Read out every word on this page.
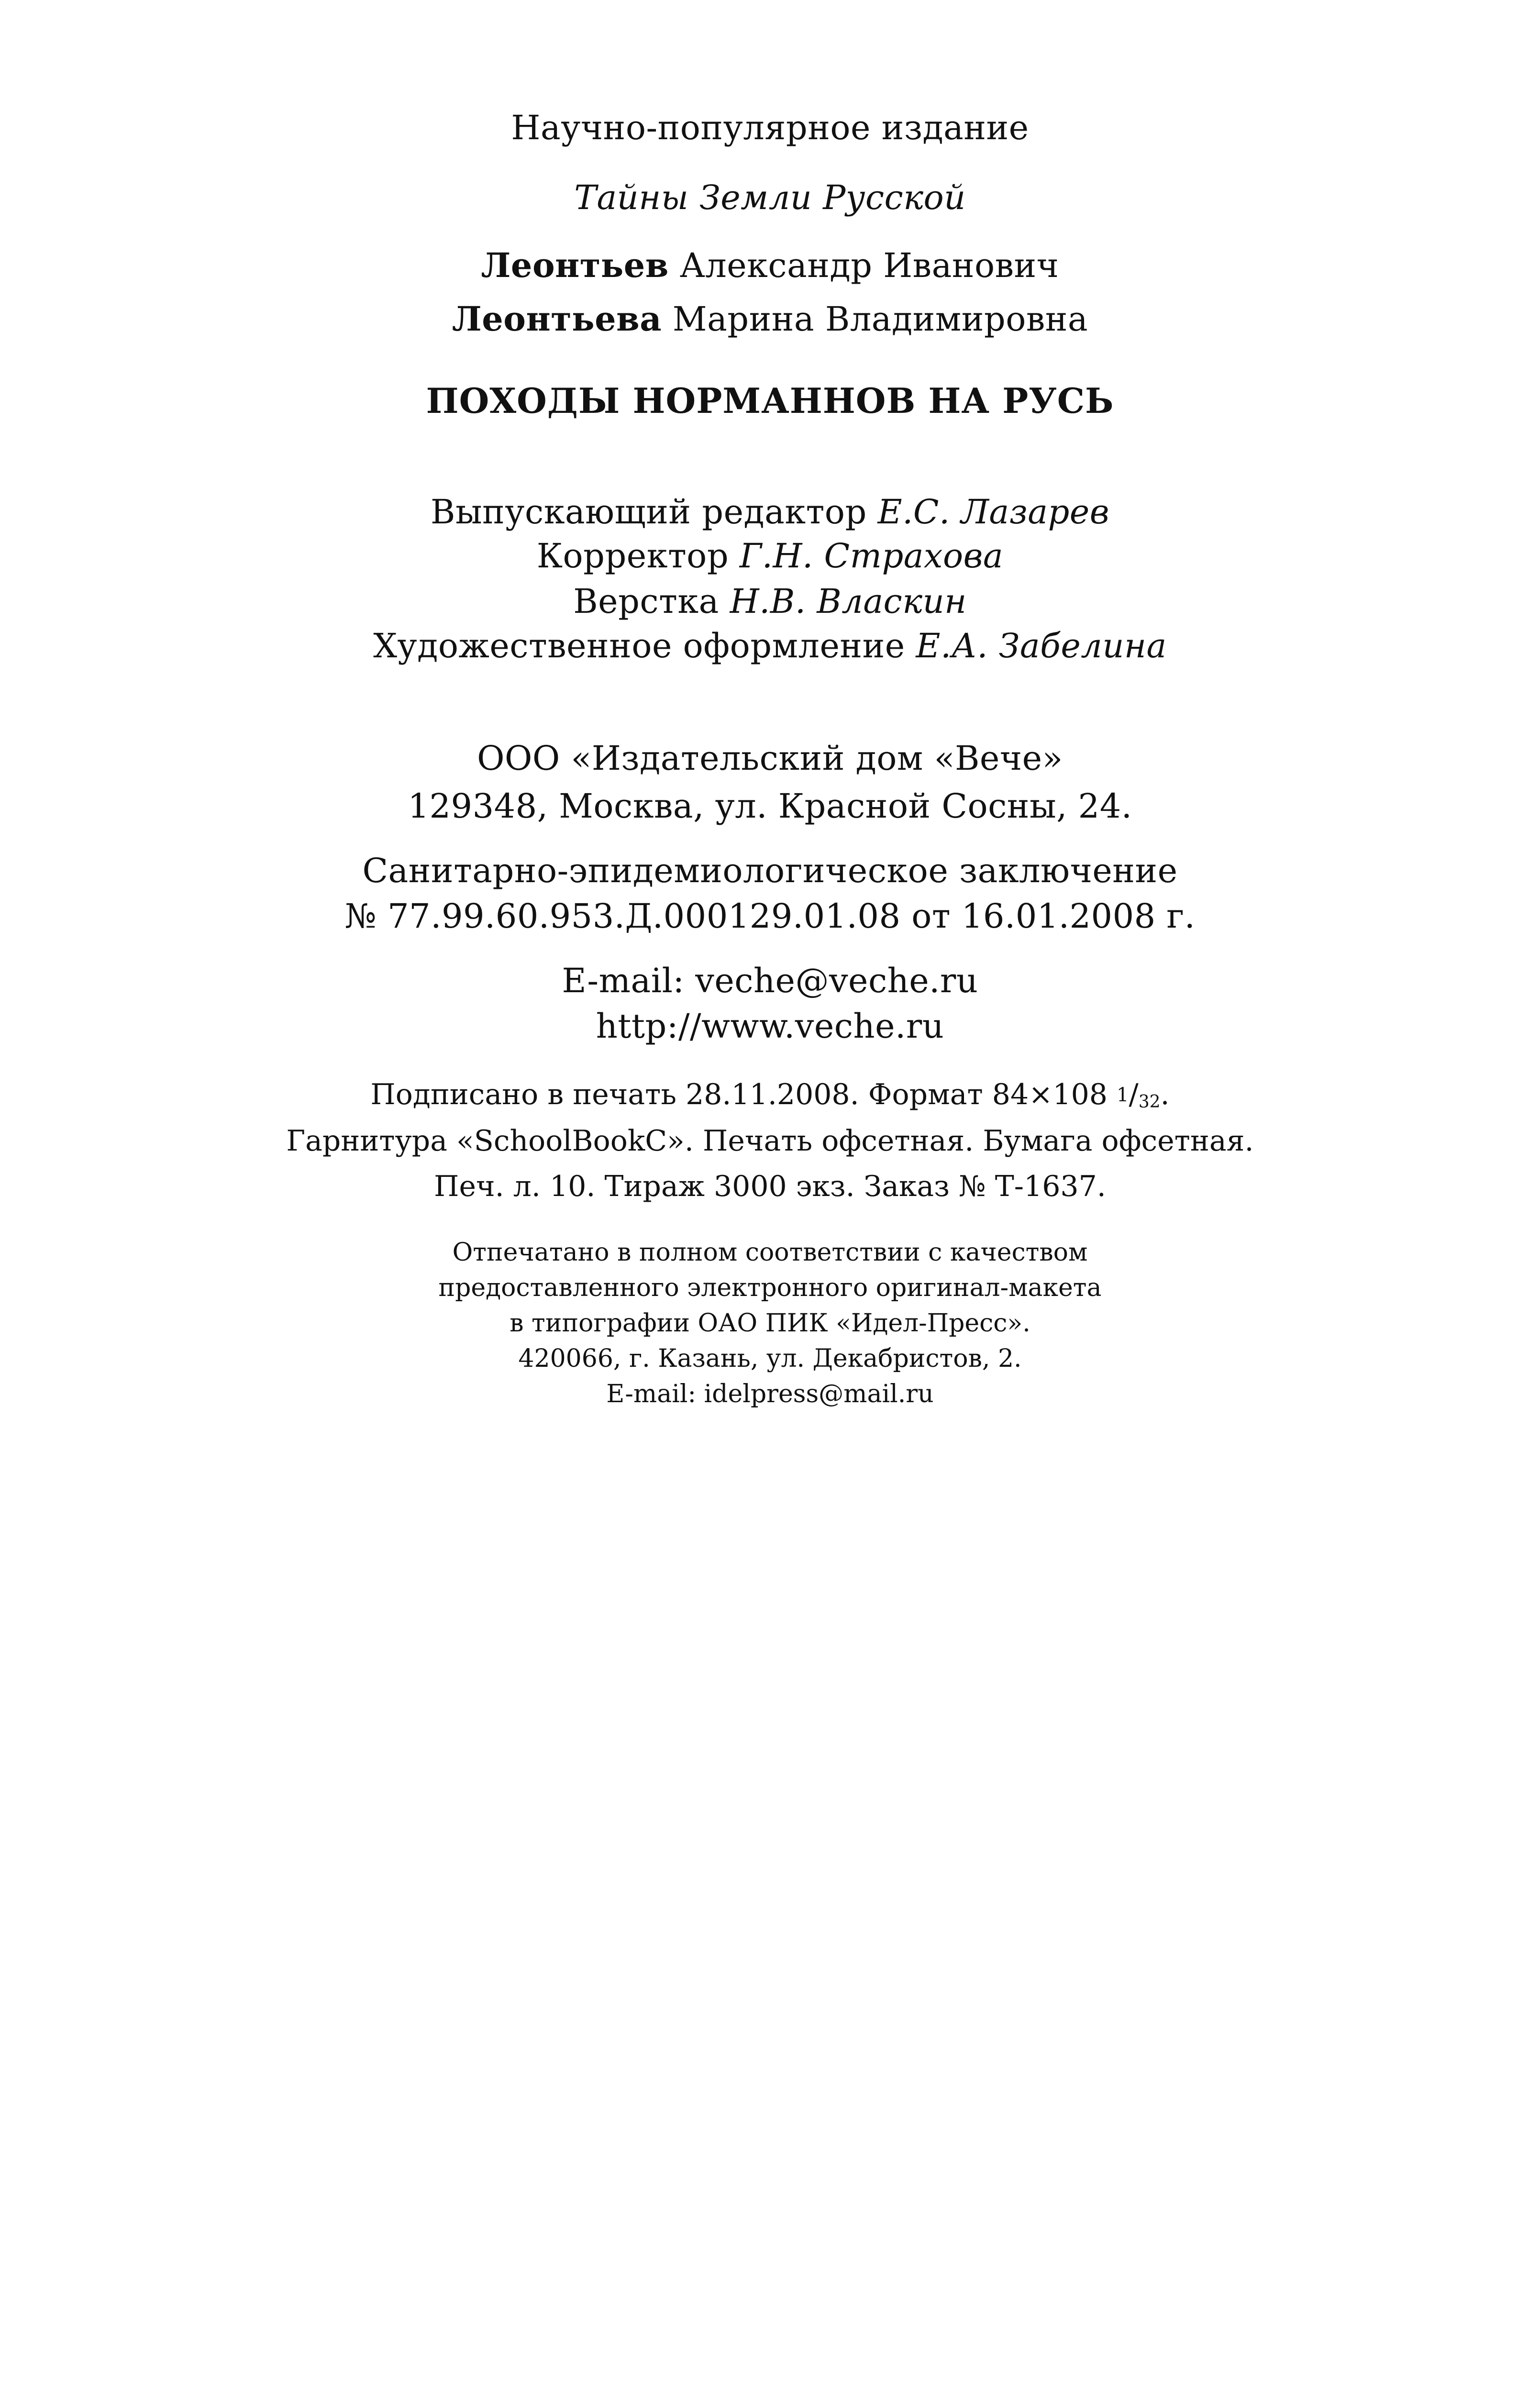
Научно-популярное издание
Тайны Земли Русской
Леонтьев Александр Иванович
Леонтьева Марина Владимировна
ПОХОДЫ НОРМАННОВ НА РУСЬ
Выпускающий редактор Е.С. Лазарев
Корректор Г.Н. Страхова
Верстка Н.В. Власкин
Художественное оформление Е.А. Забелина
ООО «Издательский дом «Вече»
129348, Москва, ул. Красной Сосны, 24.
Санитарно-эпидемиологическое заключение
№ 77.99.60.953.Д.000129.01.08 от 16.01.2008 г.
E-mail: veche@veche.ru
http://www.veche.ru
Подписано в печать 28.11.2008. Формат 84×108 1/32.
Гарнитура «SchoolBookC». Печать офсетная. Бумага офсетная.
Печ. л. 10. Тираж 3000 экз. Заказ № Т-1637.
Отпечатано в полном соответствии с качеством
предоставленного электронного оригинал-макета
в типографии ОАО ПИК «Идел-Пресс».
420066, г. Казань, ул. Декабристов, 2.
E-mail: idelpress@mail.ru
